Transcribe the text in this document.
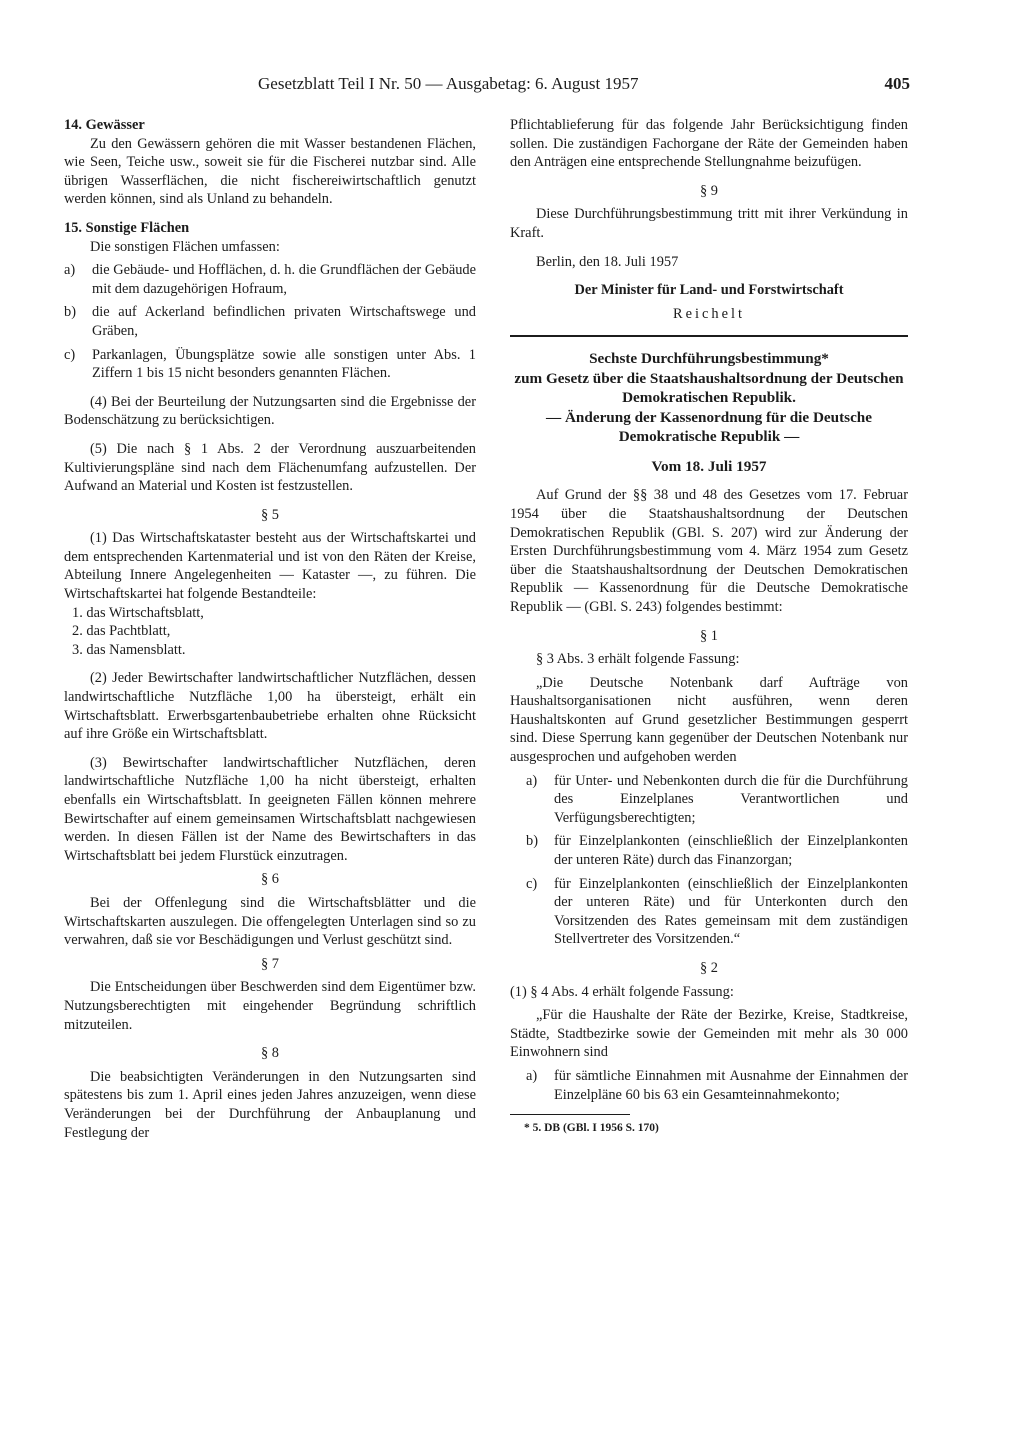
Gesetzblatt Teil I Nr. 50 — Ausgabetag: 6. August 1957	405

14. Gewässer

Zu den Gewässern gehören die mit Wasser bestandenen Flächen, wie Seen, Teiche usw., soweit sie für die Fischerei nutzbar sind. Alle übrigen Wasserflächen, die nicht fischereiwirtschaftlich genutzt werden können, sind als Unland zu behandeln.

15. Sonstige Flächen

Die sonstigen Flächen umfassen:

a) die Gebäude- und Hofflächen, d. h. die Grundflächen der Gebäude mit dem dazugehörigen Hofraum,
b) die auf Ackerland befindlichen privaten Wirtschaftswege und Gräben,
c) Parkanlagen, Übungsplätze sowie alle sonstigen unter Abs. 1 Ziffern 1 bis 15 nicht besonders genannten Flächen.

(4) Bei der Beurteilung der Nutzungsarten sind die Ergebnisse der Bodenschätzung zu berücksichtigen.

(5) Die nach § 1 Abs. 2 der Verordnung auszuarbeitenden Kultivierungspläne sind nach dem Flächenumfang aufzustellen. Der Aufwand an Material und Kosten ist festzustellen.

§ 5

(1) Das Wirtschaftskataster besteht aus der Wirtschaftskartei und dem entsprechenden Kartenmaterial und ist von den Räten der Kreise, Abteilung Innere Angelegenheiten — Kataster —, zu führen. Die Wirtschaftskartei hat folgende Bestandteile:

1. das Wirtschaftsblatt,

2. das Pachtblatt,

3. das Namensblatt.

(2) Jeder Bewirtschafter landwirtschaftlicher Nutzflächen, dessen landwirtschaftliche Nutzfläche 1,00 ha übersteigt, erhält ein Wirtschaftsblatt. Erwerbsgartenbaubetriebe erhalten ohne Rücksicht auf ihre Größe ein Wirtschaftsblatt.

(3) Bewirtschafter landwirtschaftlicher Nutzflächen, deren landwirtschaftliche Nutzfläche 1,00 ha nicht übersteigt, erhalten ebenfalls ein Wirtschaftsblatt. In geeigneten Fällen können mehrere Bewirtschafter auf einem gemeinsamen Wirtschaftsblatt nachgewiesen werden. In diesen Fällen ist der Name des Bewirtschafters in das Wirtschaftsblatt bei jedem Flurstück einzutragen.

§ 6

Bei der Offenlegung sind die Wirtschaftsblätter und die Wirtschaftskarten auszulegen. Die offengelegten Unterlagen sind so zu verwahren, daß sie vor Beschädigungen und Verlust geschützt sind.

§ 7

Die Entscheidungen über Beschwerden sind dem Eigentümer bzw. Nutzungsberechtigten mit eingehender Begründung schriftlich mitzuteilen.

§ 8

Die beabsichtigten Veränderungen in den Nutzungsarten sind spätestens bis zum 1. April eines jeden Jahres anzuzeigen, wenn diese Veränderungen bei der Durchführung der Anbauplanung und Festlegung der

Pflichtablieferung für das folgende Jahr Berücksichtigung finden sollen. Die zuständigen Fachorgane der Räte der Gemeinden haben den Anträgen eine entsprechende Stellungnahme beizufügen.

§ 9

Diese Durchführungsbestimmung tritt mit ihrer Verkündung in Kraft.

Berlin, den 18. Juli 1957

Der Minister für Land- und Forstwirtschaft

Reichelt

Sechste Durchführungsbestimmung*

zum Gesetz über die Staatshaushaltsordnung der Deutschen Demokratischen Republik.

— Änderung der Kassenordnung für die Deutsche Demokratische Republik —

Vom 18. Juli 1957

Auf Grund der §§ 38 und 48 des Gesetzes vom 17. Februar 1954 über die Staatshaushaltsordnung der Deutschen Demokratischen Republik (GBl. S. 207) wird zur Änderung der Ersten Durchführungsbestimmung vom 4. März 1954 zum Gesetz über die Staatshaushaltsordnung der Deutschen Demokratischen Republik — Kassenordnung für die Deutsche Demokratische Republik — (GBl. S. 243) folgendes bestimmt:

§ 1

§ 3 Abs. 3 erhält folgende Fassung:

„Die Deutsche Notenbank darf Aufträge von Haushaltsorganisationen nicht ausführen, wenn deren Haushaltskonten auf Grund gesetzlicher Bestimmungen gesperrt sind. Diese Sperrung kann gegenüber der Deutschen Notenbank nur ausgesprochen und aufgehoben werden

a) für Unter- und Nebenkonten durch die für die Durchführung des Einzelplanes Verantwortlichen und Verfügungsberechtigten;
b) für Einzelplankonten (einschließlich der Einzelplankonten der unteren Räte) durch das Finanzorgan;
c) für Einzelplankonten (einschließlich der Einzelplankonten der unteren Räte) und für Unterkonten durch den Vorsitzenden des Rates gemeinsam mit dem zuständigen Stellvertreter des Vorsitzenden.“

§ 2

(1) § 4 Abs. 4 erhält folgende Fassung:

„Für die Haushalte der Räte der Bezirke, Kreise, Stadtkreise, Städte, Stadtbezirke sowie der Gemeinden mit mehr als 30 000 Einwohnern sind

a) für sämtliche Einnahmen mit Ausnahme der Einnahmen der Einzelpläne 60 bis 63 ein Gesamteinnahmekonto;

* 5. DB (GBl. I 1956 S. 170)
